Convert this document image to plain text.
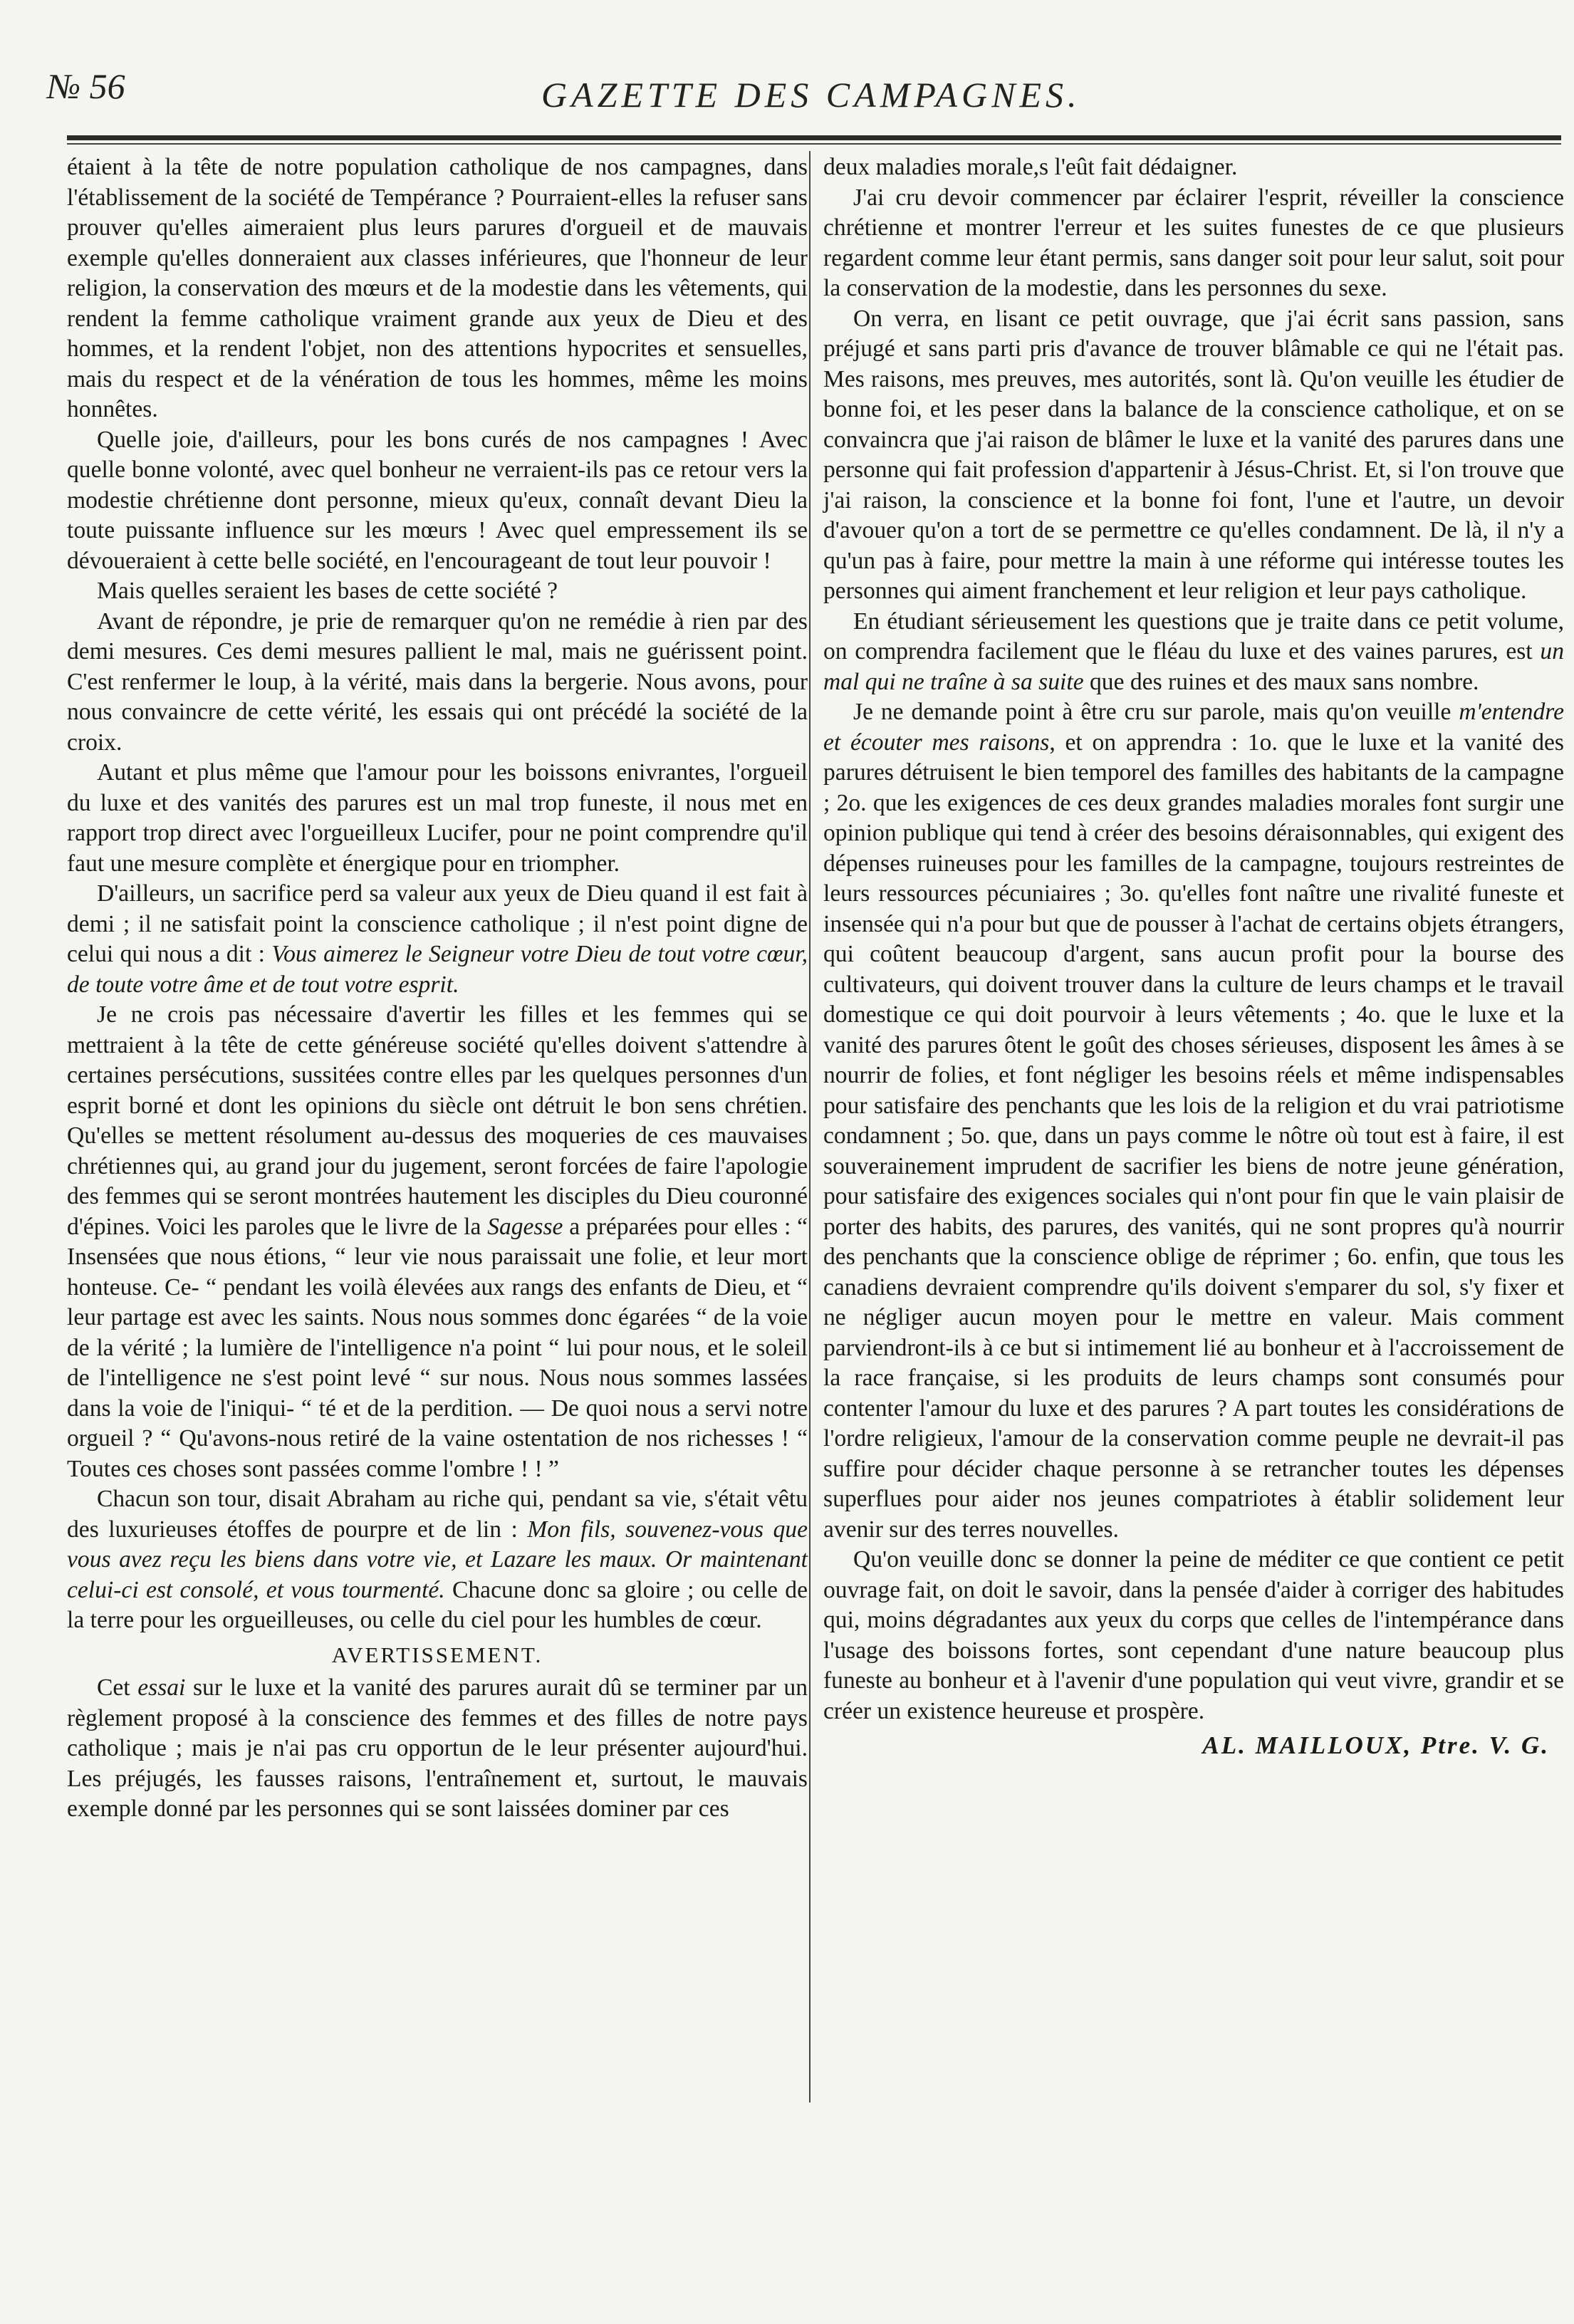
№ 56	GAZETTE DES CAMPAGNES.

étaient à la tête de notre population catholique de nos campagnes, dans l'établissement de la société de Tempérance ? Pourraient-elles la refuser sans prouver qu'elles aimeraient plus leurs parures d'orgueil et de mauvais exemple qu'elles donneraient aux classes inférieures, que l'honneur de leur religion, la conservation des mœurs et de la modestie dans les vêtements, qui rendent la femme catholique vraiment grande aux yeux de Dieu et des hommes, et la rendent l'objet, non des attentions hypocrites et sensuelles, mais du respect et de la vénération de tous les hommes, même les moins honnêtes.

Quelle joie, d'ailleurs, pour les bons curés de nos campagnes ! Avec quelle bonne volonté, avec quel bonheur ne verraient-ils pas ce retour vers la modestie chrétienne dont personne, mieux qu'eux, connaît devant Dieu la toute puissante influence sur les mœurs ! Avec quel empressement ils se dévoueraient à cette belle société, en l'encourageant de tout leur pouvoir !

Mais quelles seraient les bases de cette société ?

Avant de répondre, je prie de remarquer qu'on ne remédie à rien par des demi mesures. Ces demi mesures pallient le mal, mais ne guérissent point. C'est renfermer le loup, à la vérité, mais dans la bergerie. Nous avons, pour nous convaincre de cette vérité, les essais qui ont précédé la société de la croix.

Autant et plus même que l'amour pour les boissons enivrantes, l'orgueil du luxe et des vanités des parures est un mal trop funeste, il nous met en rapport trop direct avec l'orgueilleux Lucifer, pour ne point comprendre qu'il faut une mesure complète et énergique pour en triompher.

D'ailleurs, un sacrifice perd sa valeur aux yeux de Dieu quand il est fait à demi ; il ne satisfait point la conscience catholique ; il n'est point digne de celui qui nous a dit : Vous aimerez le Seigneur votre Dieu de tout votre cœur, de toute votre âme et de tout votre esprit.

Je ne crois pas nécessaire d'avertir les filles et les femmes qui se mettraient à la tête de cette généreuse société qu'elles doivent s'attendre à certaines persécutions, sussitées contre elles par les quelques personnes d'un esprit borné et dont les opinions du siècle ont détruit le bon sens chrétien. Qu'elles se mettent résolument au-dessus des moqueries de ces mauvaises chrétiennes qui, au grand jour du jugement, seront forcées de faire l'apologie des femmes qui se seront montrées hautement les disciples du Dieu couronné d'épines. Voici les paroles que le livre de la Sagesse a préparées pour elles : “ Insensées que nous étions, “ leur vie nous paraissait une folie, et leur mort honteuse. Ce- “ pendant les voilà élevées aux rangs des enfants de Dieu, et “ leur partage est avec les saints. Nous nous sommes donc égarées “ de la voie de la vérité ; la lumière de l'intelligence n'a point “ lui pour nous, et le soleil de l'intelligence ne s'est point levé “ sur nous. Nous nous sommes lassées dans la voie de l'iniqui- “ té et de la perdition. — De quoi nous a servi notre orgueil ? “ Qu'avons-nous retiré de la vaine ostentation de nos richesses ! “ Toutes ces choses sont passées comme l'ombre ! ! ”

Chacun son tour, disait Abraham au riche qui, pendant sa vie, s'était vêtu des luxurieuses étoffes de pourpre et de lin : Mon fils, souvenez-vous que vous avez reçu les biens dans votre vie, et Lazare les maux. Or maintenant celui-ci est consolé, et vous tourmenté. Chacune donc sa gloire ; ou celle de la terre pour les orgueilleuses, ou celle du ciel pour les humbles de cœur.

AVERTISSEMENT.

Cet essai sur le luxe et la vanité des parures aurait dû se terminer par un règlement proposé à la conscience des femmes et des filles de notre pays catholique ; mais je n'ai pas cru opportun de le leur présenter aujourd'hui. Les préjugés, les fausses raisons, l'entraînement et, surtout, le mauvais exemple donné par les personnes qui se sont laissées dominer par ces

deux maladies morale,s l'eût fait dédaigner.

J'ai cru devoir commencer par éclairer l'esprit, réveiller la conscience chrétienne et montrer l'erreur et les suites funestes de ce que plusieurs regardent comme leur étant permis, sans danger soit pour leur salut, soit pour la conservation de la modestie, dans les personnes du sexe.

On verra, en lisant ce petit ouvrage, que j'ai écrit sans passion, sans préjugé et sans parti pris d'avance de trouver blâmable ce qui ne l'était pas. Mes raisons, mes preuves, mes autorités, sont là. Qu'on veuille les étudier de bonne foi, et les peser dans la balance de la conscience catholique, et on se convaincra que j'ai raison de blâmer le luxe et la vanité des parures dans une personne qui fait profession d'appartenir à Jésus-Christ. Et, si l'on trouve que j'ai raison, la conscience et la bonne foi font, l'une et l'autre, un devoir d'avouer qu'on a tort de se permettre ce qu'elles condamnent. De là, il n'y a qu'un pas à faire, pour mettre la main à une réforme qui intéresse toutes les personnes qui aiment franchement et leur religion et leur pays catholique.

En étudiant sérieusement les questions que je traite dans ce petit volume, on comprendra facilement que le fléau du luxe et des vaines parures, est un mal qui ne traîne à sa suite que des ruines et des maux sans nombre.

Je ne demande point à être cru sur parole, mais qu'on veuille m'entendre et écouter mes raisons, et on apprendra : 1o. que le luxe et la vanité des parures détruisent le bien temporel des familles des habitants de la campagne ; 2o. que les exigences de ces deux grandes maladies morales font surgir une opinion publique qui tend à créer des besoins déraisonnables, qui exigent des dépenses ruineuses pour les familles de la campagne, toujours restreintes de leurs ressources pécuniaires ; 3o. qu'elles font naître une rivalité funeste et insensée qui n'a pour but que de pousser à l'achat de certains objets étrangers, qui coûtent beaucoup d'argent, sans aucun profit pour la bourse des cultivateurs, qui doivent trouver dans la culture de leurs champs et le travail domestique ce qui doit pourvoir à leurs vêtements ; 4o. que le luxe et la vanité des parures ôtent le goût des choses sérieuses, disposent les âmes à se nourrir de folies, et font négliger les besoins réels et même indispensables pour satisfaire des penchants que les lois de la religion et du vrai patriotisme condamnent ; 5o. que, dans un pays comme le nôtre où tout est à faire, il est souverainement imprudent de sacrifier les biens de notre jeune génération, pour satisfaire des exigences sociales qui n'ont pour fin que le vain plaisir de porter des habits, des parures, des vanités, qui ne sont propres qu'à nourrir des penchants que la conscience oblige de réprimer ; 6o. enfin, que tous les canadiens devraient comprendre qu'ils doivent s'emparer du sol, s'y fixer et ne négliger aucun moyen pour le mettre en valeur. Mais comment parviendront-ils à ce but si intimement lié au bonheur et à l'accroissement de la race française, si les produits de leurs champs sont consumés pour contenter l'amour du luxe et des parures ? A part toutes les considérations de l'ordre religieux, l'amour de la conservation comme peuple ne devrait-il pas suffire pour décider chaque personne à se retrancher toutes les dépenses superflues pour aider nos jeunes compatriotes à établir solidement leur avenir sur des terres nouvelles.

Qu'on veuille donc se donner la peine de méditer ce que contient ce petit ouvrage fait, on doit le savoir, dans la pensée d'aider à corriger des habitudes qui, moins dégradantes aux yeux du corps que celles de l'intempérance dans l'usage des boissons fortes, sont cependant d'une nature beaucoup plus funeste au bonheur et à l'avenir d'une population qui veut vivre, grandir et se créer un existence heureuse et prospère.

AL. MAILLOUX, Ptre. V. G.
